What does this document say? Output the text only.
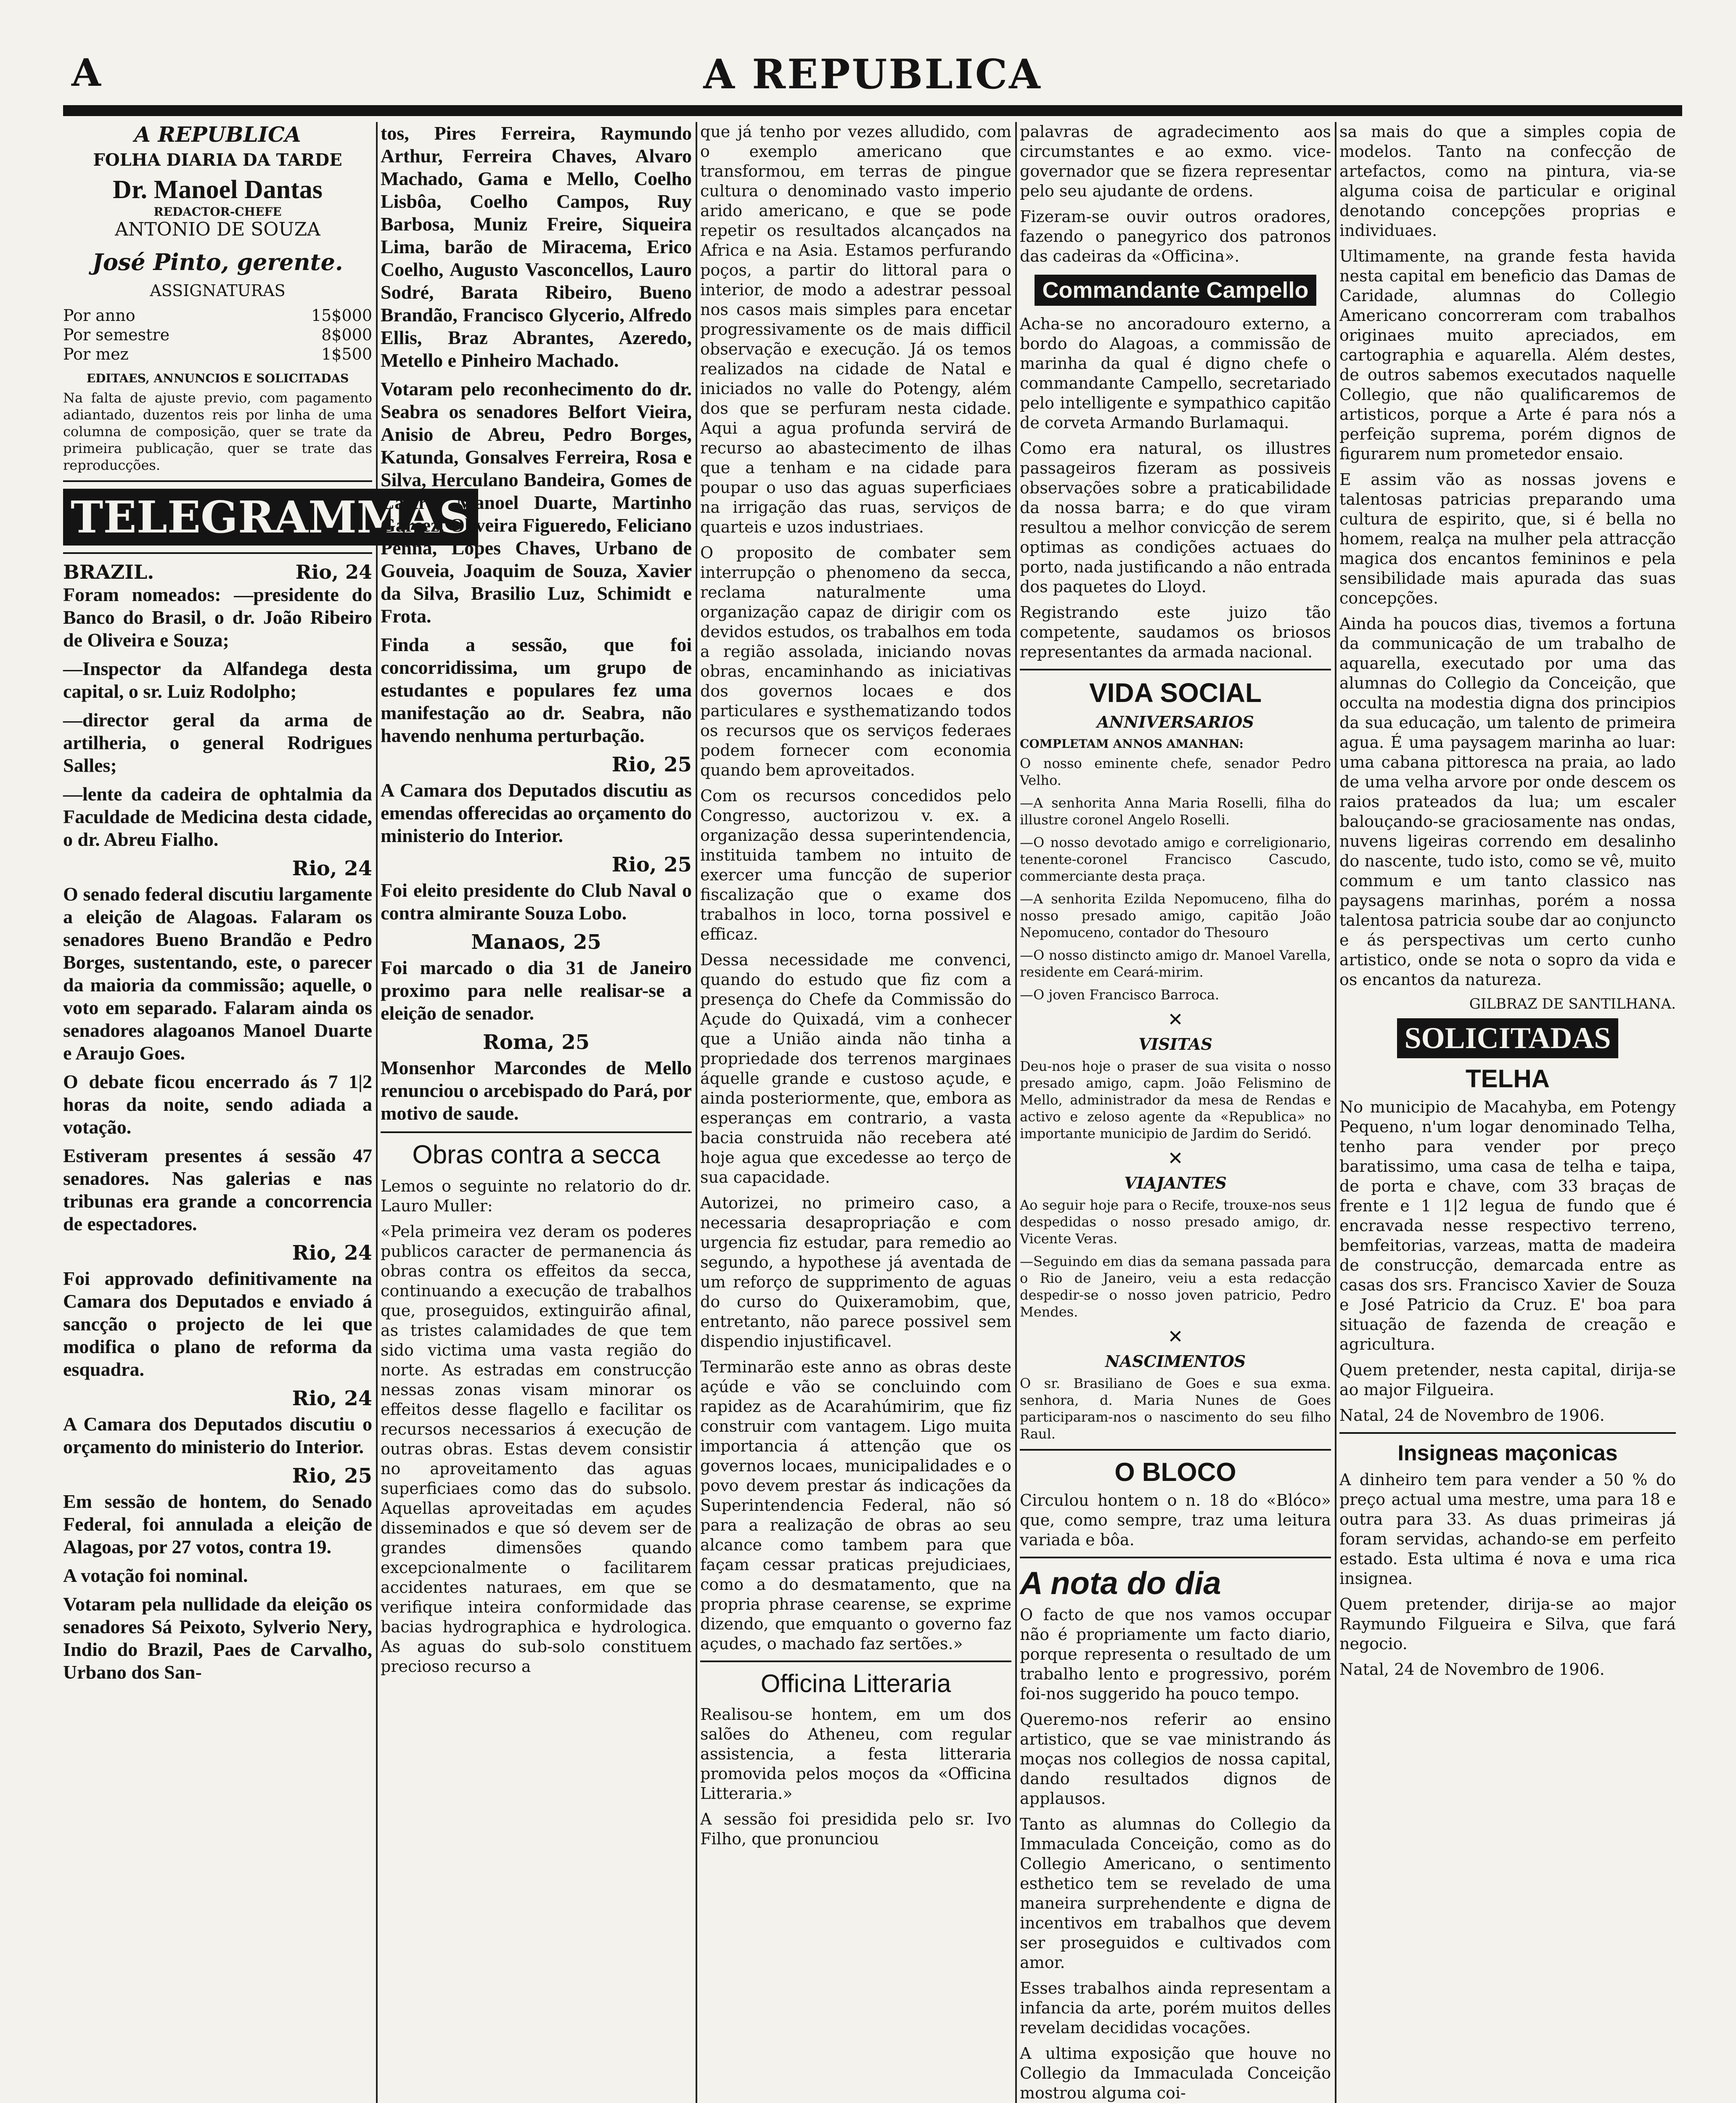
A	A REPUBLICA
A REPUBLICA
FOLHA DIARIA DA TARDE
Dr. Manoel Dantas
REDACTOR-CHEFE
ANTONIO DE SOUZA
José Pinto, gerente.
ASSIGNATURAS
Por anno	15$000
Por semestre	8$000
Por mez	1$500
EDITAES, ANNUNCIOS E SOLICITADAS

Na falta de ajuste previo, com pagamento adiantado, duzentos reis por linha de uma columna de composição, quer se trate da primeira publicação, quer se trate das reproducções.

TELEGRAMMAS
BRAZIL.	Rio, 24

Foram nomeados: —presidente do Banco do Brasil, o dr. João Ribeiro de Oliveira e Souza;

—Inspector da Alfandega desta capital, o sr. Luiz Rodolpho;

—director geral da arma de artilheria, o general Rodrigues Salles;

—lente da cadeira de ophtalmia da Faculdade de Medicina desta cidade, o dr. Abreu Fialho.

Rio, 24

O senado federal discutiu largamente a eleição de Alagoas. Falaram os senadores Bueno Brandão e Pedro Borges, sustentando, este, o parecer da maioria da commissão; aquelle, o voto em separado. Falaram ainda os senadores alagoanos Manoel Duarte e Araujo Goes.

O debate ficou encerrado ás 7 1|2 horas da noite, sendo adiada a votação.

Estiveram presentes á sessão 47 senadores. Nas galerias e nas tribunas era grande a concorrencia de espectadores.

Rio, 24

Foi approvado definitivamente na Camara dos Deputados e enviado á sancção o projecto de lei que modifica o plano de reforma da esquadra.

Rio, 24

A Camara dos Deputados discutiu o orçamento do ministerio do Interior.

Rio, 25

Em sessão de hontem, do Senado Federal, foi annulada a eleição de Alagoas, por 27 votos, contra 19.

A votação foi nominal.

Votaram pela nullidade da eleição os senadores Sá Peixoto, Sylverio Nery, Indio do Brazil, Paes de Carvalho, Urbano dos San-

tos, Pires Ferreira, Raymundo Arthur, Ferreira Chaves, Alvaro Machado, Gama e Mello, Coelho Lisbôa, Coelho Campos, Ruy Barbosa, Muniz Freire, Siqueira Lima, barão de Miracema, Erico Coelho, Augusto Vasconcellos, Lauro Sodré, Barata Ribeiro, Bueno Brandão, Francisco Glycerio, Alfredo Ellis, Braz Abrantes, Azeredo, Metello e Pinheiro Machado.

Votaram pelo reconhecimento do dr. Seabra os senadores Belfort Vieira, Anisio de Abreu, Pedro Borges, Katunda, Gonsalves Ferreira, Rosa e Silva, Herculano Bandeira, Gomes de Castro, Manoel Duarte, Martinho Garcez, Oliveira Figueredo, Feliciano Penna, Lopes Chaves, Urbano de Gouveia, Joaquim de Souza, Xavier da Silva, Brasilio Luz, Schimidt e Frota.

Finda a sessão, que foi concorridissima, um grupo de estudantes e populares fez uma manifestação ao dr. Seabra, não havendo nenhuma perturbação.

Rio, 25

A Camara dos Deputados discutiu as emendas offerecidas ao orçamento do ministerio do Interior.

Rio, 25

Foi eleito presidente do Club Naval o contra almirante Souza Lobo.

Manaos, 25

Foi marcado o dia 31 de Janeiro proximo para nelle realisar-se a eleição de senador.

Roma, 25

Monsenhor Marcondes de Mello renunciou o arcebispado do Pará, por motivo de saude.

Obras contra a secca

Lemos o seguinte no relatorio do dr. Lauro Muller:

«Pela primeira vez deram os poderes publicos caracter de permanencia ás obras contra os effeitos da secca, continuando a execução de trabalhos que, proseguidos, extinguirão afinal, as tristes calamidades de que tem sido victima uma vasta região do norte. As estradas em construcção nessas zonas visam minorar os effeitos desse flagello e facilitar os recursos necessarios á execução de outras obras. Estas devem consistir no aproveitamento das aguas superficiaes como das do subsolo. Aquellas aproveitadas em açudes disseminados e que só devem ser de grandes dimensões quando excepcionalmente o facilitarem accidentes naturaes, em que se verifique inteira conformidade das bacias hydrographica e hydrologica. As aguas do sub-solo constituem precioso recurso a

que já tenho por vezes alludido, com o exemplo americano que transformou, em terras de pingue cultura o denominado vasto imperio arido americano, e que se pode repetir os resultados alcançados na Africa e na Asia. Estamos perfurando poços, a partir do littoral para o interior, de modo a adestrar pessoal nos casos mais simples para encetar progressivamente os de mais difficil observação e execução. Já os temos realizados na cidade de Natal e iniciados no valle do Potengy, além dos que se perfuram nesta cidade. Aqui a agua profunda servirá de recurso ao abastecimento de ilhas que a tenham e na cidade para poupar o uso das aguas superficiaes na irrigação das ruas, serviços de quarteis e uzos industriaes.

O proposito de combater sem interrupção o phenomeno da secca, reclama naturalmente uma organização capaz de dirigir com os devidos estudos, os trabalhos em toda a região assolada, iniciando novas obras, encaminhando as iniciativas dos governos locaes e dos particulares e systhematizando todos os recursos que os serviços federaes podem fornecer com economia quando bem aproveitados.

Com os recursos concedidos pelo Congresso, auctorizou v. ex. a organização dessa superintendencia, instituida tambem no intuito de exercer uma funcção de superior fiscalização que o exame dos trabalhos in loco, torna possivel e efficaz.

Dessa necessidade me convenci, quando do estudo que fiz com a presença do Chefe da Commissão do Açude do Quixadá, vim a conhecer que a União ainda não tinha a propriedade dos terrenos marginaes áquelle grande e custoso açude, e ainda posteriormente, que, embora as esperanças em contrario, a vasta bacia construida não recebera até hoje agua que excedesse ao terço de sua capacidade.

Autorizei, no primeiro caso, a necessaria desapropriação e com urgencia fiz estudar, para remedio ao segundo, a hypothese já aventada de um reforço de supprimento de aguas do curso do Quixeramobim, que, entretanto, não parece possivel sem dispendio injustificavel.

Terminarão este anno as obras deste açúde e vão se concluindo com rapidez as de Acarahúmirim, que fiz construir com vantagem. Ligo muita importancia á attenção que os governos locaes, municipalidades e o povo devem prestar ás indicações da Superintendencia Federal, não só para a realização de obras ao seu alcance como tambem para que façam cessar praticas prejudiciaes, como a do desmatamento, que na propria phrase cearense, se exprime dizendo, que emquanto o governo faz açudes, o machado faz sertões.»

Officina Litteraria

Realisou-se hontem, em um dos salões do Atheneu, com regular assistencia, a festa litteraria promovida pelos moços da «Officina Litteraria.»

A sessão foi presidida pelo sr. Ivo Filho, que pronunciou

palavras de agradecimento aos circumstantes e ao exmo. vice-governador que se fizera representar pelo seu ajudante de ordens.

Fizeram-se ouvir outros oradores, fazendo o panegyrico dos patronos das cadeiras da «Officina».

Commandante Campello

Acha-se no ancoradouro externo, a bordo do Alagoas, a commissão de marinha da qual é digno chefe o commandante Campello, secretariado pelo intelligente e sympathico capitão de corveta Armando Burlamaqui.

Como era natural, os illustres passageiros fizeram as possiveis observações sobre a praticabilidade da nossa barra; e do que viram resultou a melhor convicção de serem optimas as condições actuaes do porto, nada justificando a não entrada dos paquetes do Lloyd.

Registrando este juizo tão competente, saudamos os briosos representantes da armada nacional.

VIDA SOCIAL
ANNIVERSARIOS

COMPLETAM ANNOS AMANHAN:

O nosso eminente chefe, senador Pedro Velho.

—A senhorita Anna Maria Roselli, filha do illustre coronel Angelo Roselli.

—O nosso devotado amigo e correligionario, tenente-coronel Francisco Cascudo, commerciante desta praça.

—A senhorita Ezilda Nepomuceno, filha do nosso presado amigo, capitão João Nepomuceno, contador do Thesouro

—O nosso distincto amigo dr. Manoel Varella, residente em Ceará-mirim.

—O joven Francisco Barroca.

✕
VISITAS

Deu-nos hoje o praser de sua visita o nosso presado amigo, capm. João Felismino de Mello, administrador da mesa de Rendas e activo e zeloso agente da «Republica» no importante municipio de Jardim do Seridó.

✕
VIAJANTES

Ao seguir hoje para o Recife, trouxe-nos seus despedidas o nosso presado amigo, dr. Vicente Veras.

—Seguindo em dias da semana passada para o Rio de Janeiro, veiu a esta redacção despedir-se o nosso joven patricio, Pedro Mendes.

✕
NASCIMENTOS

O sr. Brasiliano de Goes e sua exma. senhora, d. Maria Nunes de Goes participaram-nos o nascimento do seu filho Raul.

O BLOCO

Circulou hontem o n. 18 do «Blóco» que, como sempre, traz uma leitura variada e bôa.

A nota do dia

O facto de que nos vamos occupar não é propriamente um facto diario, porque representa o resultado de um trabalho lento e progressivo, porém foi-nos suggerido ha pouco tempo.

Queremo-nos referir ao ensino artistico, que se vae ministrando ás moças nos collegios de nossa capital, dando resultados dignos de applausos.

Tanto as alumnas do Collegio da Immaculada Conceição, como as do Collegio Americano, o sentimento esthetico tem se revelado de uma maneira surprehendente e digna de incentivos em trabalhos que devem ser proseguidos e cultivados com amor.

Esses trabalhos ainda representam a infancia da arte, porém muitos delles revelam decididas vocações.

A ultima exposição que houve no Collegio da Immaculada Conceição mostrou alguma coi-

sa mais do que a simples copia de modelos. Tanto na confecção de artefactos, como na pintura, via-se alguma coisa de particular e original denotando concepções proprias e individuaes.

Ultimamente, na grande festa havida nesta capital em beneficio das Damas de Caridade, alumnas do Collegio Americano concorreram com trabalhos originaes muito apreciados, em cartographia e aquarella. Além destes, de outros sabemos executados naquelle Collegio, que não qualificaremos de artisticos, porque a Arte é para nós a perfeição suprema, porém dignos de figurarem num prometedor ensaio.

E assim vão as nossas jovens e talentosas patricias preparando uma cultura de espirito, que, si é bella no homem, realça na mulher pela attracção magica dos encantos femininos e pela sensibilidade mais apurada das suas concepções.

Ainda ha poucos dias, tivemos a fortuna da communicação de um trabalho de aquarella, executado por uma das alumnas do Collegio da Conceição, que occulta na modestia digna dos principios da sua educação, um talento de primeira agua. É uma paysagem marinha ao luar: uma cabana pittoresca na praia, ao lado de uma velha arvore por onde descem os raios prateados da lua; um escaler balouçando-se graciosamente nas ondas, nuvens ligeiras correndo em desalinho do nascente, tudo isto, como se vê, muito commum e um tanto classico nas paysagens marinhas, porém a nossa talentosa patricia soube dar ao conjuncto e ás perspectivas um certo cunho artistico, onde se nota o sopro da vida e os encantos da natureza.

GILBRAZ DE SANTILHANA.

SOLICITADAS
TELHA

No municipio de Macahyba, em Potengy Pequeno, n'um logar denominado Telha, tenho para vender por preço baratissimo, uma casa de telha e taipa, de porta e chave, com 33 braças de frente e 1 1|2 legua de fundo que é encravada nesse respectivo terreno, bemfeitorias, varzeas, matta de madeira de construcção, demarcada entre as casas dos srs. Francisco Xavier de Souza e José Patricio da Cruz. E' boa para situação de fazenda de creação e agricultura.

Quem pretender, nesta capital, dirija-se ao major Filgueira.

Natal, 24 de Novembro de 1906.

Insigneas maçonicas

A dinheiro tem para vender a 50 % do preço actual uma mestre, uma para 18 e outra para 33. As duas primeiras já foram servidas, achando-se em perfeito estado. Esta ultima é nova e uma rica insignea.

Quem pretender, dirija-se ao major Raymundo Filgueira e Silva, que fará negocio.

Natal, 24 de Novembro de 1906.
